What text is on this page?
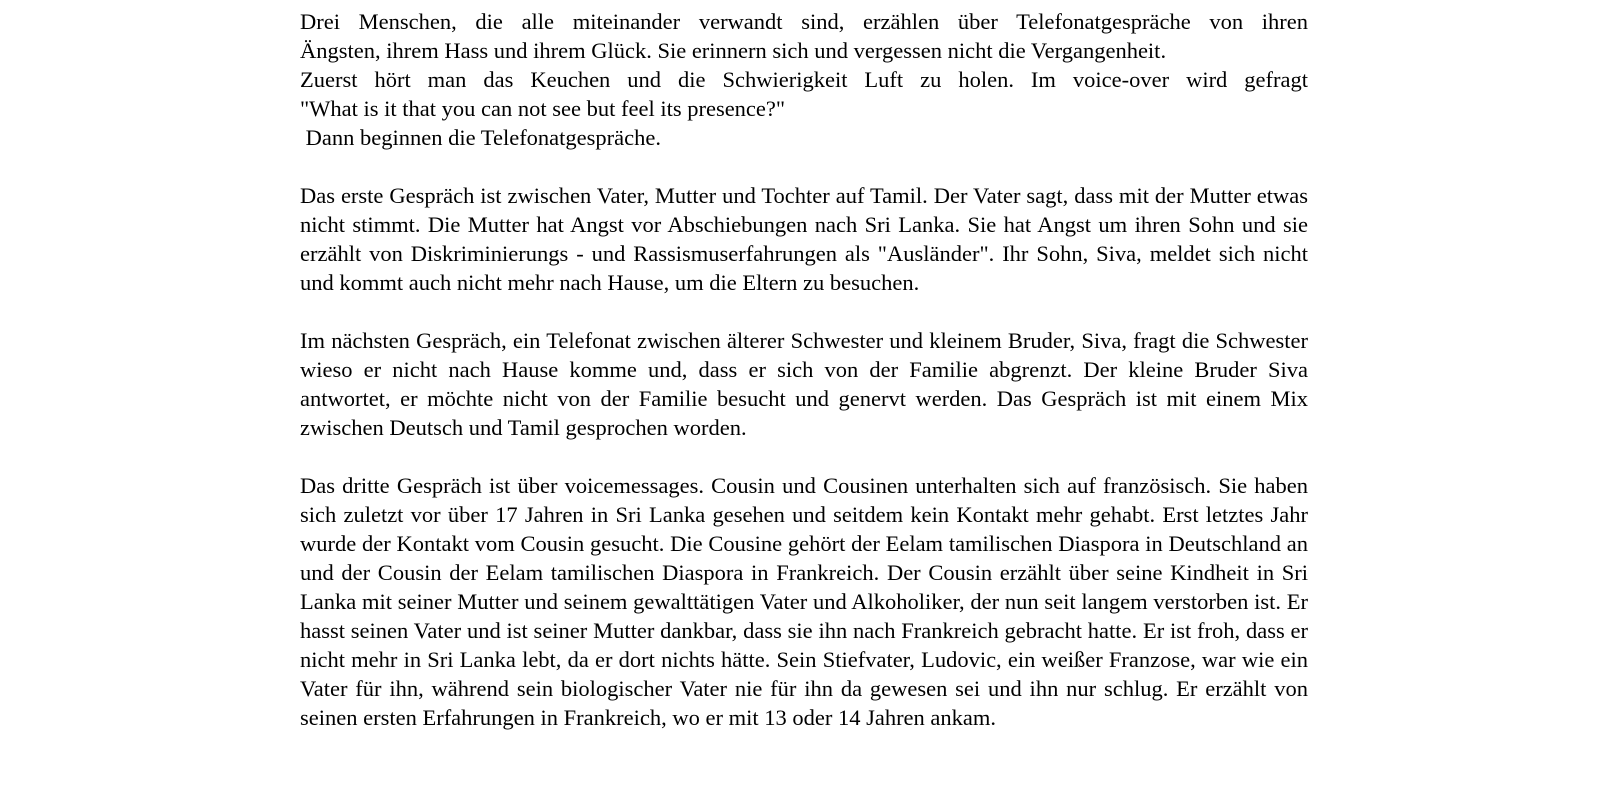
Drei Menschen, die alle miteinander verwandt sind, erzählen über Telefonatgespräche von ihren
Ängsten, ihrem Hass und ihrem Glück. Sie erinnern sich und vergessen nicht die Vergangenheit.
Zuerst hört man das Keuchen und die Schwierigkeit Luft zu holen. Im voice-over wird gefragt
"What is it that you can not see but feel its presence?"
Dann beginnen die Telefonatgespräche.

Das erste Gespräch ist zwischen Vater, Mutter und Tochter auf Tamil. Der Vater sagt, dass mit der Mutter etwas nicht stimmt. Die Mutter hat Angst vor Abschiebungen nach Sri Lanka. Sie hat Angst um ihren Sohn und sie erzählt von Diskriminierungs - und Rassismuserfahrungen als "Ausländer". Ihr Sohn, Siva, meldet sich nicht und kommt auch nicht mehr nach Hause, um die Eltern zu besuchen.

Im nächsten Gespräch, ein Telefonat zwischen älterer Schwester und kleinem Bruder, Siva, fragt die Schwester wieso er nicht nach Hause komme und, dass er sich von der Familie abgrenzt. Der kleine Bruder Siva antwortet, er möchte nicht von der Familie besucht und genervt werden. Das Gespräch ist mit einem Mix zwischen Deutsch und Tamil gesprochen worden.

Das dritte Gespräch ist über voicemessages. Cousin und Cousinen unterhalten sich auf französisch. Sie haben sich zuletzt vor über 17 Jahren in Sri Lanka gesehen und seitdem kein Kontakt mehr gehabt. Erst letztes Jahr wurde der Kontakt vom Cousin gesucht. Die Cousine gehört der Eelam tamilischen Diaspora in Deutschland an und der Cousin der Eelam tamilischen Diaspora in Frankreich. Der Cousin erzählt über seine Kindheit in Sri Lanka mit seiner Mutter und seinem gewalttätigen Vater und Alkoholiker, der nun seit langem verstorben ist. Er hasst seinen Vater und ist seiner Mutter dankbar, dass sie ihn nach Frankreich gebracht hatte. Er ist froh, dass er nicht mehr in Sri Lanka lebt, da er dort nichts hätte. Sein Stiefvater, Ludovic, ein weißer Franzose, war wie ein Vater für ihn, während sein biologischer Vater nie für ihn da gewesen sei und ihn nur schlug. Er erzählt von seinen ersten Erfahrungen in Frankreich, wo er mit 13 oder 14 Jahren ankam.
